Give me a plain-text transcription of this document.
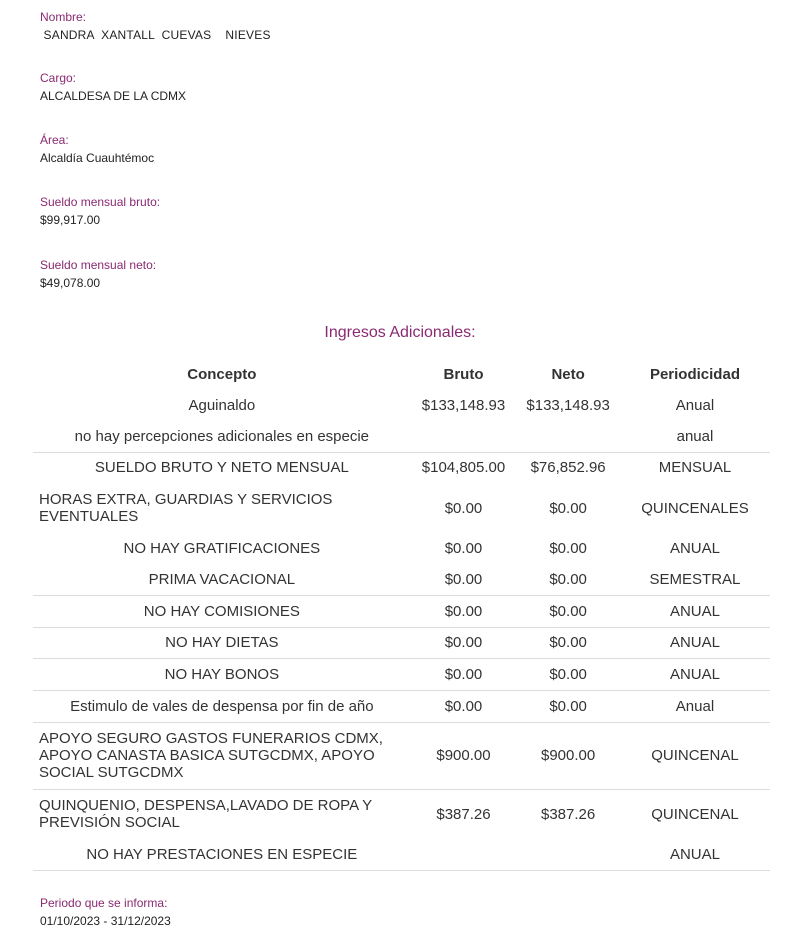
Nombre:
SANDRA  XANTALL  CUEVAS    NIEVES
Cargo:
ALCALDESA DE LA CDMX
Área:
Alcaldía Cuauhtémoc
Sueldo mensual bruto:
$99,917.00
Sueldo mensual neto:
$49,078.00
Ingresos Adicionales:
Concepto	Bruto	Neto	Periodicidad
Aguinaldo	$133,148.93	$133,148.93	Anual
no hay percepciones adicionales en especie			anual
SUELDO BRUTO Y NETO MENSUAL	$104,805.00	$76,852.96	MENSUAL
HORAS EXTRA, GUARDIAS Y SERVICIOS EVENTUALES	$0.00	$0.00	QUINCENALES
NO HAY GRATIFICACIONES	$0.00	$0.00	ANUAL
PRIMA VACACIONAL	$0.00	$0.00	SEMESTRAL
NO HAY COMISIONES	$0.00	$0.00	ANUAL
NO HAY DIETAS	$0.00	$0.00	ANUAL
NO HAY BONOS	$0.00	$0.00	ANUAL
Estimulo de vales de despensa por fin de año	$0.00	$0.00	Anual
APOYO SEGURO GASTOS FUNERARIOS CDMX, APOYO CANASTA BASICA SUTGCDMX, APOYO SOCIAL SUTGCDMX	$900.00	$900.00	QUINCENAL
QUINQUENIO, DESPENSA,LAVADO DE ROPA Y PREVISIÓN SOCIAL	$387.26	$387.26	QUINCENAL
NO HAY PRESTACIONES EN ESPECIE			ANUAL
Periodo que se informa:
01/10/2023 - 31/12/2023
